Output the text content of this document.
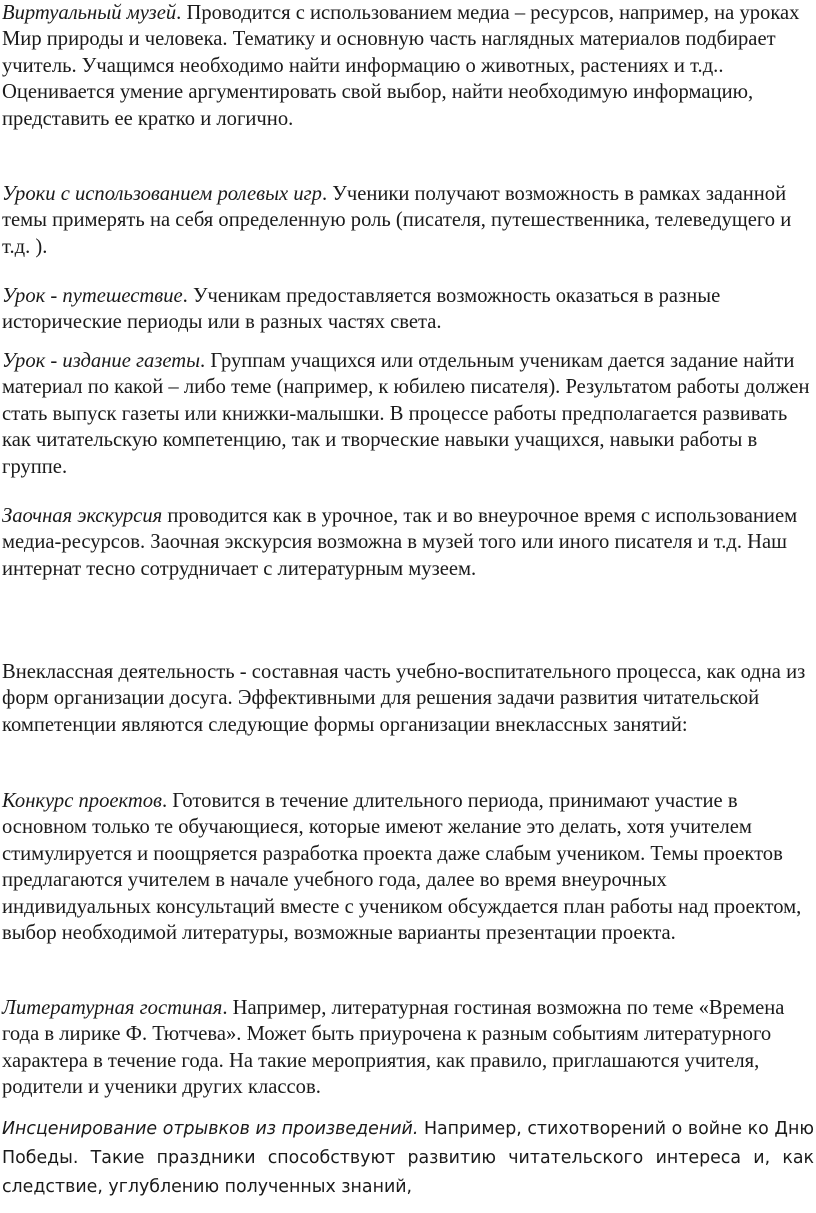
Виртуальный музей. Проводится с использованием медиа – ресурсов, например, на уроках Мир природы и человека. Тематику и основную часть наглядных материалов подбирает учитель. Учащимся необходимо найти информацию о животных, растениях и т.д.. Оценивается умение аргументировать свой выбор, найти необходимую информацию, представить ее кратко и логично.

Уроки с использованием ролевых игр. Ученики получают возможность в рамках заданной темы примерять на себя определенную роль (писателя, путешественника, телеведущего и т.д. ).

Урок - путешествие. Ученикам предоставляется возможность оказаться в разные исторические периоды или в разных частях света.

Урок - издание газеты. Группам учащихся или отдельным ученикам дается задание найти материал по какой – либо теме (например, к юбилею писателя). Результатом работы должен стать выпуск газеты или книжки-малышки. В процессе работы предполагается развивать как читательскую компетенцию, так и творческие навыки учащихся, навыки работы в группе.

Заочная экскурсия проводится как в урочное, так и во внеурочное время с использованием медиа-ресурсов. Заочная экскурсия возможна в музей того или иного писателя и т.д. Наш интернат тесно сотрудничает с литературным музеем.

Внеклассная деятельность - составная часть учебно-воспитательного процесса, как одна из форм организации досуга. Эффективными для решения задачи развития читательской компетенции являются следующие формы организации внеклассных занятий:

Конкурс проектов. Готовится в течение длительного периода, принимают участие в основном только те обучающиеся, которые имеют желание это делать, хотя учителем стимулируется и поощряется разработка проекта даже слабым учеником. Темы проектов предлагаются учителем в начале учебного года, далее во время внеурочных индивидуальных консультаций вместе с учеником обсуждается план работы над проектом, выбор необходимой литературы, возможные варианты презентации проекта.

Литературная гостиная. Например, литературная гостиная возможна по теме «Времена года в лирике Ф. Тютчева». Может быть приурочена к разным событиям литературного характера в течение года. На такие мероприятия, как правило, приглашаются учителя, родители и ученики других классов.

Инсценирование отрывков из произведений. Например, стихотворений о войне ко Дню Победы. Такие праздники способствуют развитию читательского интереса и, как следствие, углублению полученных знаний,
